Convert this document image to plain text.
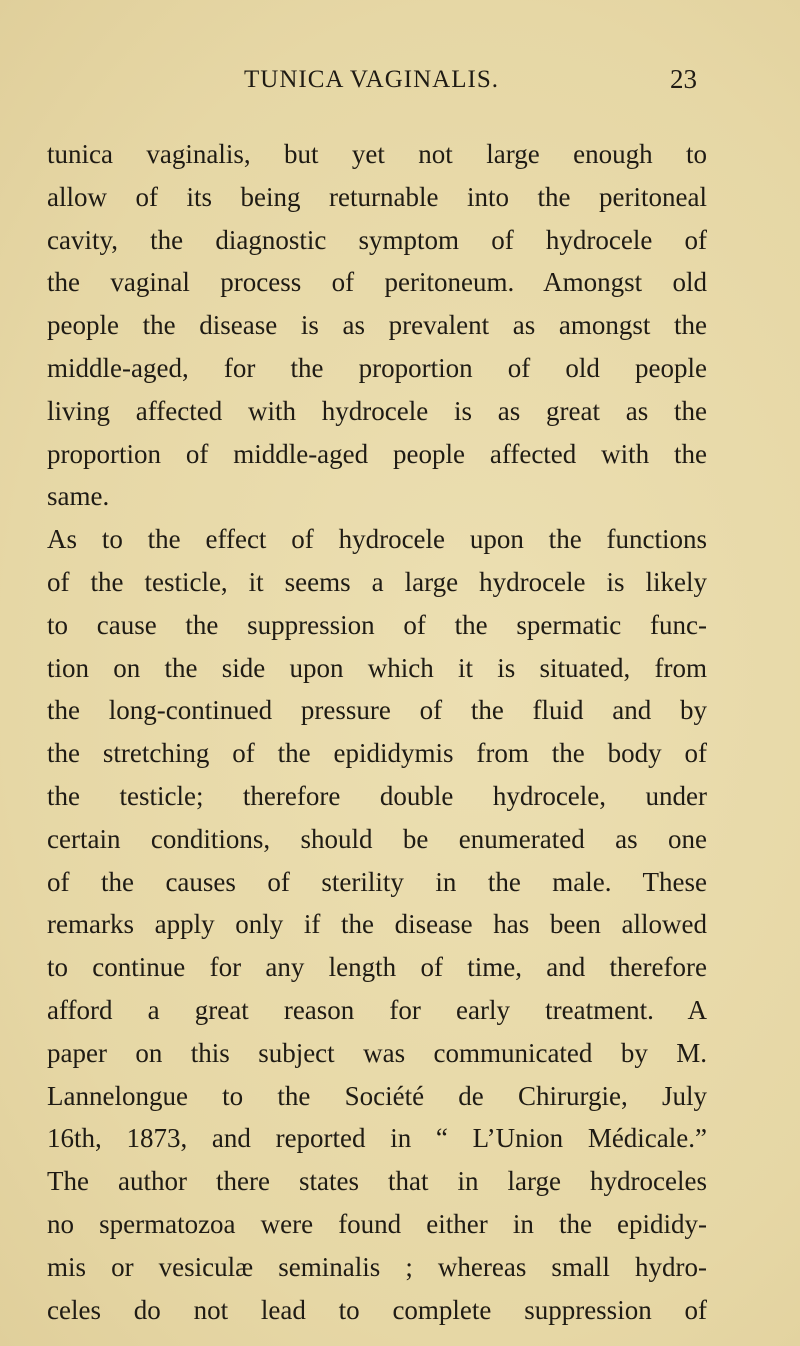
TUNICA VAGINALIS.	23
tunica vaginalis, but yet not large enough to
allow of its being returnable into the peritoneal
cavity, the diagnostic symptom of hydrocele of
the vaginal process of peritoneum. Amongst old
people the disease is as prevalent as amongst the
middle-aged, for the proportion of old people
living affected with hydrocele is as great as the
proportion of middle-aged people affected with the
same.
As to the effect of hydrocele upon the functions
of the testicle, it seems a large hydrocele is likely
to cause the suppression of the spermatic func-
tion on the side upon which it is situated, from
the long-continued pressure of the fluid and by
the stretching of the epididymis from the body of
the testicle; therefore double hydrocele, under
certain conditions, should be enumerated as one
of the causes of sterility in the male. These
remarks apply only if the disease has been allowed
to continue for any length of time, and therefore
afford a great reason for early treatment. A
paper on this subject was communicated by M.
Lannelongue to the Société de Chirurgie, July
16th, 1873, and reported in “ L’Union Médicale.”
The author there states that in large hydroceles
no spermatozoa were found either in the epididy-
mis or vesiculæ seminalis ; whereas small hydro-
celes do not lead to complete suppression of
